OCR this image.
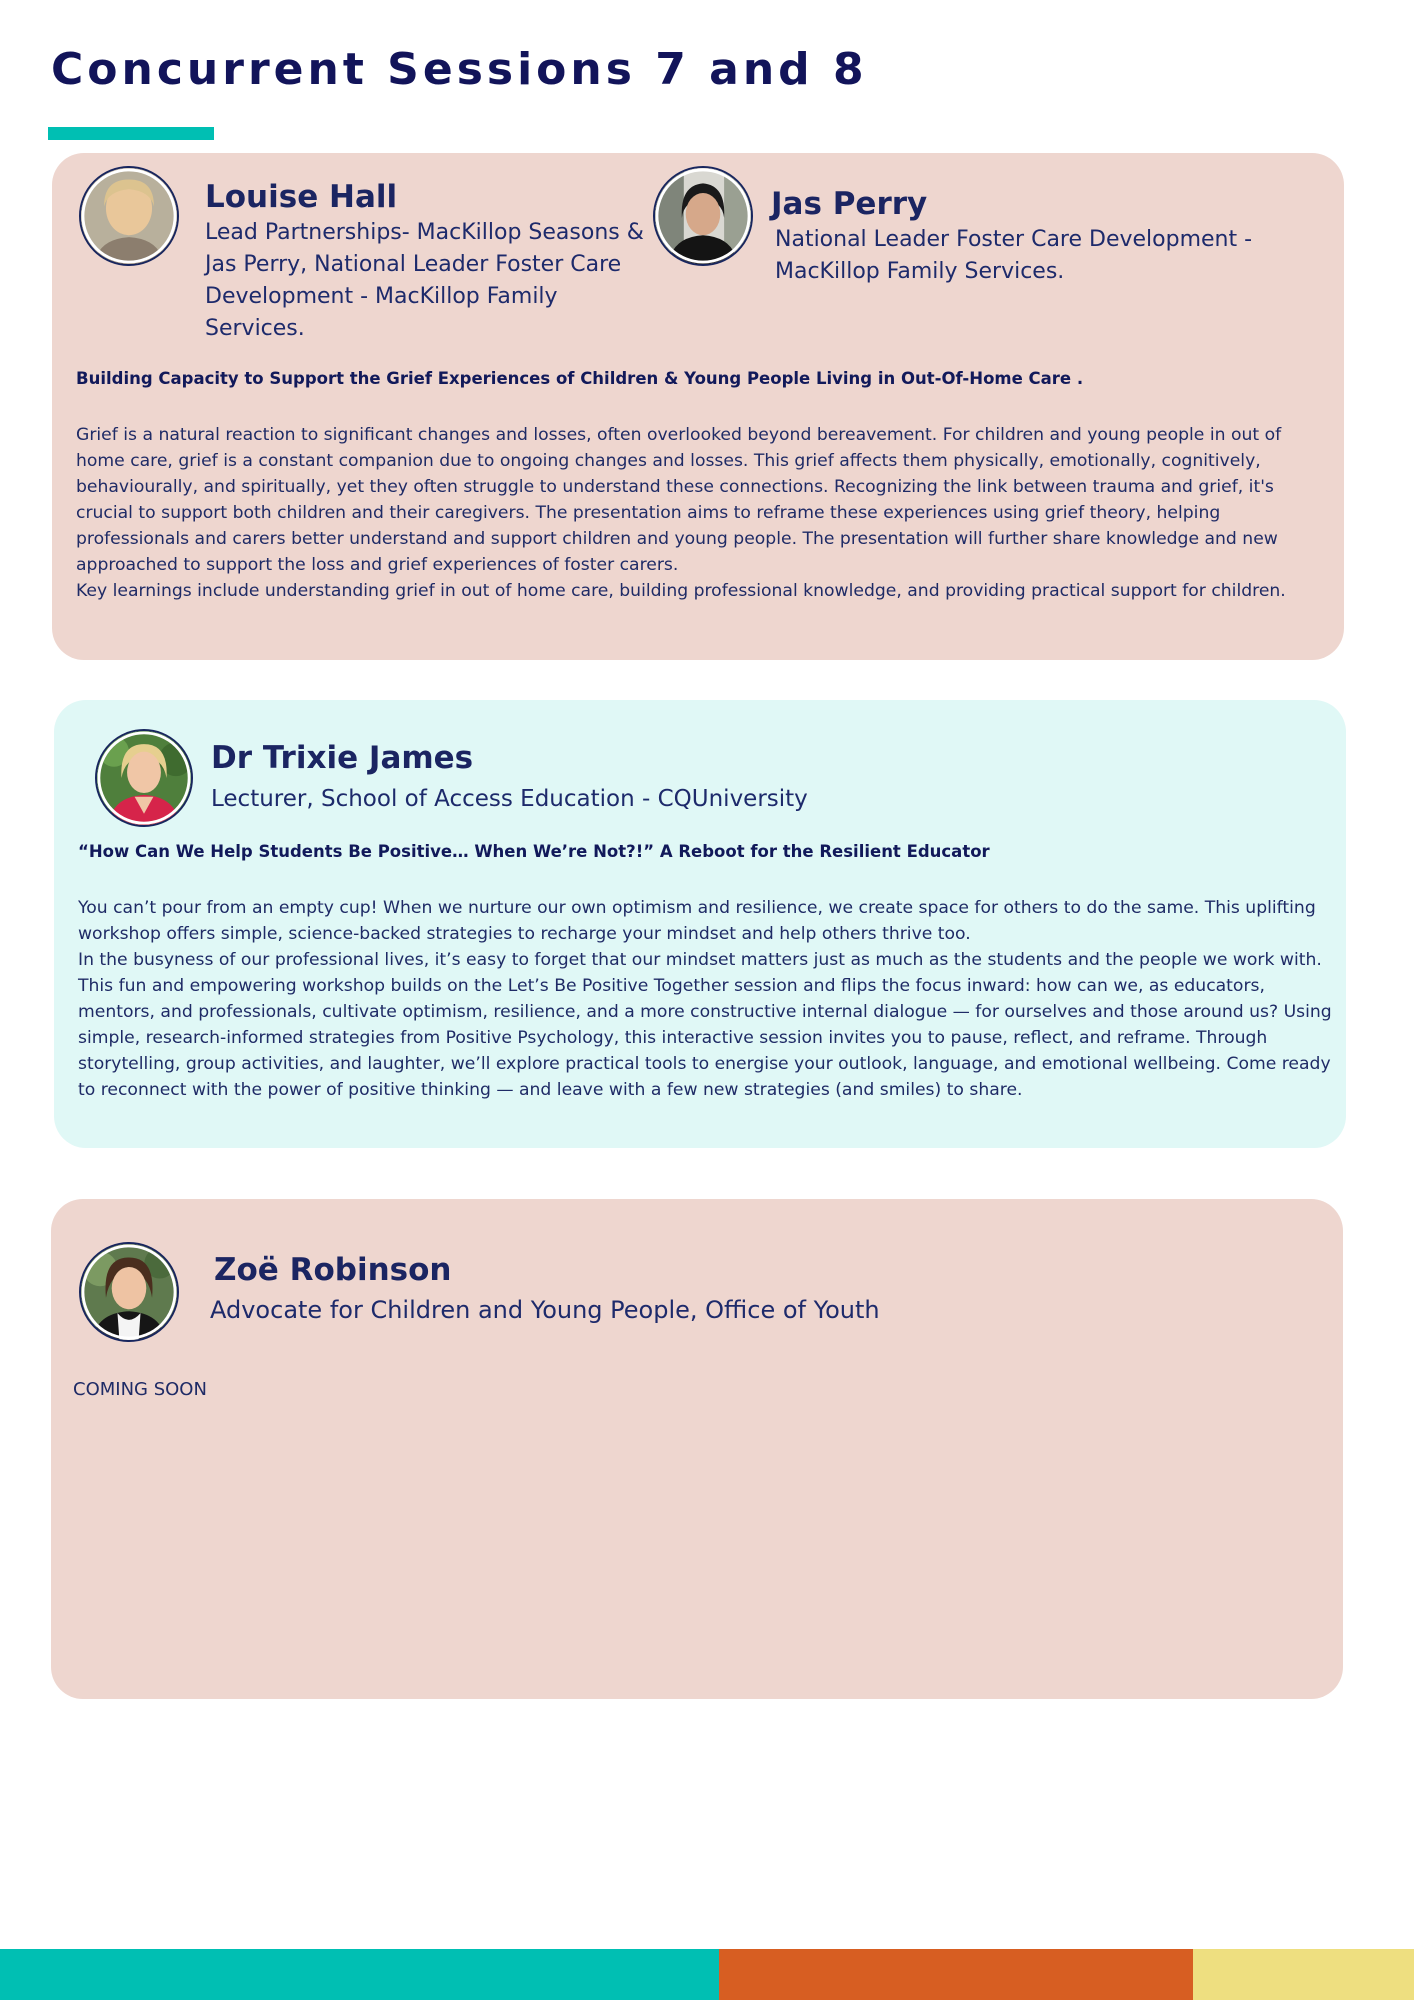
Concurrent Sessions 7 and 8
Louise Hall

Lead Partnerships- MacKillop Seasons & Jas Perry, National Leader Foster Care Development - MacKillop Family Services.

Jas Perry

National Leader Foster Care Development - MacKillop Family Services.

Building Capacity to Support the Grief Experiences of Children & Young People Living in Out-Of-Home Care .

Grief is a natural reaction to significant changes and losses, often overlooked beyond bereavement. For children and young people in out of home care, grief is a constant companion due to ongoing changes and losses. This grief affects them physically, emotionally, cognitively, behaviourally, and spiritually, yet they often struggle to understand these connections. Recognizing the link between trauma and grief, it's crucial to support both children and their caregivers. The presentation aims to reframe these experiences using grief theory, helping professionals and carers better understand and support children and young people. The presentation will further share knowledge and new approached to support the loss and grief experiences of foster carers.

Key learnings include understanding grief in out of home care, building professional knowledge, and providing practical support for children.

Dr Trixie James

Lecturer, School of Access Education - CQUniversity

“How Can We Help Students Be Positive… When We’re Not?!” A Reboot for the Resilient Educator

You can’t pour from an empty cup! When we nurture our own optimism and resilience, we create space for others to do the same. This uplifting workshop offers simple, science-backed strategies to recharge your mindset and help others thrive too.

In the busyness of our professional lives, it’s easy to forget that our mindset matters just as much as the students and the people we work with. This fun and empowering workshop builds on the Let’s Be Positive Together session and flips the focus inward: how can we, as educators, mentors, and professionals, cultivate optimism, resilience, and a more constructive internal dialogue — for ourselves and those around us? Using simple, research-informed strategies from Positive Psychology, this interactive session invites you to pause, reflect, and reframe. Through storytelling, group activities, and laughter, we’ll explore practical tools to energise your outlook, language, and emotional wellbeing. Come ready to reconnect with the power of positive thinking — and leave with a few new strategies (and smiles) to share.

Zoë Robinson

Advocate for Children and Young People, Office of Youth

COMING SOON
